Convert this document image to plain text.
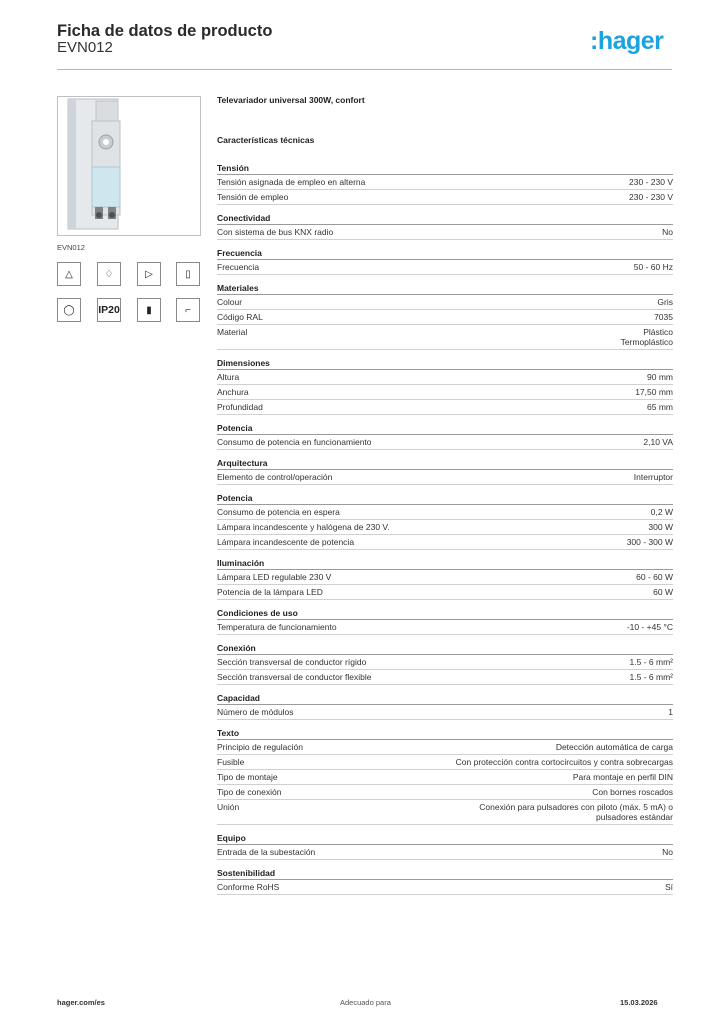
Ficha de datos de producto
EVN012	:hager
EVN012
△	♢	▷	▯
◯	IP20	▮	⌐
Televariador universal 300W, confort
Características técnicas
Tensión
Tensión asignada de empleo en alterna	230 - 230 V
Tensión de empleo	230 - 230 V
Conectividad
Con sistema de bus KNX radio	No
Frecuencia
Frecuencia	50 - 60 Hz
Materiales
Colour	Gris
Código RAL	7035
Material	Plástico
Termoplástico
Dimensiones
Altura	90 mm
Anchura	17,50 mm
Profundidad	65 mm
Potencia
Consumo de potencia en funcionamiento	2,10 VA
Arquitectura
Elemento de control/operación	Interruptor
Potencia
Consumo de potencia en espera	0,2 W
Lámpara incandescente y halógena de 230 V.	300 W
Lámpara incandescente de potencia	300 - 300 W
Iluminación
Lámpara LED regulable 230 V	60 - 60 W
Potencia de la lámpara LED	60 W
Condiciones de uso
Temperatura de funcionamiento	-10 - +45 °C
Conexión
Sección transversal de conductor rígido	1.5 - 6 mm²
Sección transversal de conductor flexible	1.5 - 6 mm²
Capacidad
Número de módulos	1
Texto
Principio de regulación	Detección automática de carga
Fusible	Con protección contra cortocircuitos y contra sobrecargas
Tipo de montaje	Para montaje en perfil DIN
Tipo de conexión	Con bornes roscados
Unión	Conexión para pulsadores con piloto (máx. 5 mA) o
pulsadores estándar
Equipo
Entrada de la subestación	No
Sostenibilidad
Conforme RoHS	Sí
hager.com/es	Adecuado para	15.03.2026
